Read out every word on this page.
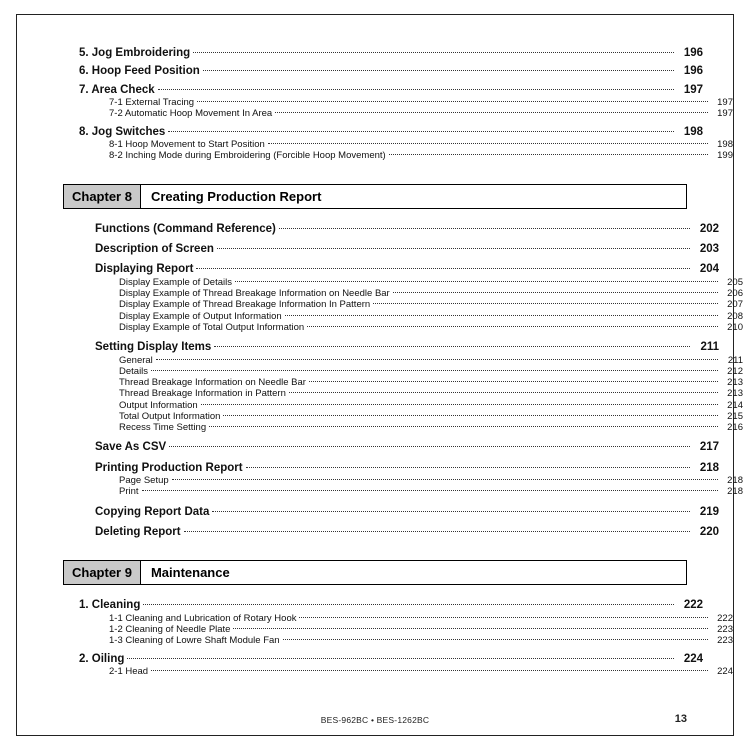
5. Jog Embroidering	196
6. Hoop Feed Position	196
7. Area Check	197
7-1 External Tracing	197
7-2 Automatic Hoop Movement In Area	197
8. Jog Switches	198
8-1 Hoop Movement to Start Position	198
8-2 Inching Mode during Embroidering (Forcible Hoop Movement)	199
Chapter 8	Creating Production Report
Functions (Command Reference)	202
Description of Screen	203
Displaying Report	204
Display Example of Details	205
Display Example of Thread Breakage Information on Needle Bar	206
Display Example of Thread Breakage Information In Pattern	207
Display Example of Output Information	208
Display Example of Total Output Information	210
Setting Display Items	211
General	211
Details	212
Thread Breakage Information on Needle Bar	213
Thread Breakage Information in Pattern	213
Output Information	214
Total Output Information	215
Recess Time Setting	216
Save As CSV	217
Printing Production Report	218
Page Setup	218
Print	218
Copying Report Data	219
Deleting Report	220
Chapter 9	Maintenance
1. Cleaning	222
1-1 Cleaning and Lubrication of Rotary Hook	222
1-2 Cleaning of Needle Plate	223
1-3 Cleaning of Lowre Shaft Module Fan	223
2. Oiling	224
2-1 Head	224
BES-962BC • BES-1262BC	13
